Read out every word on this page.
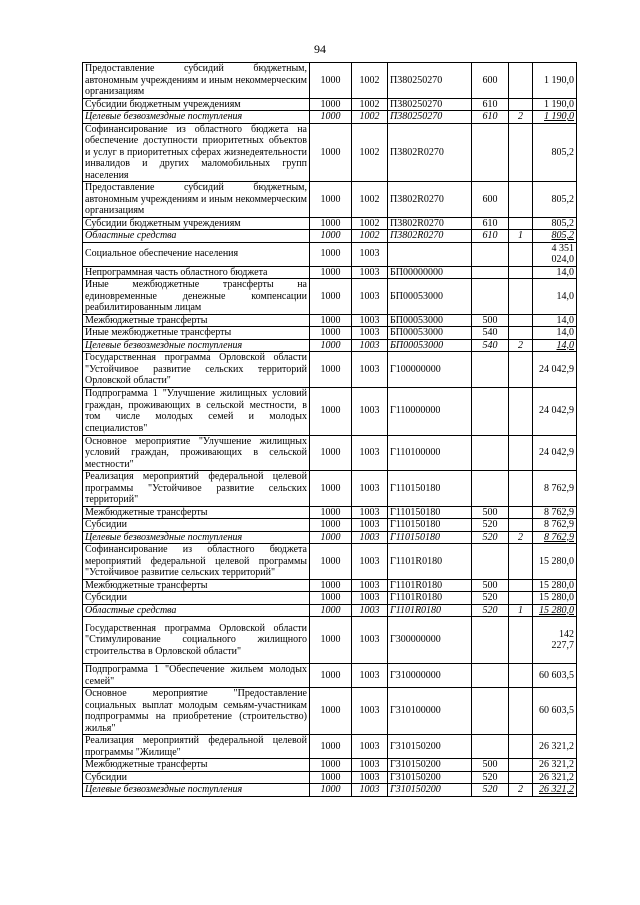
94
Предоставление субсидий бюджетным, автономным учреждениям и иным некоммерческим организациям	1000	1002	П380250270	600		1 190,0
Субсидии бюджетным учреждениям	1000	1002	П380250270	610		1 190,0
Целевые безвозмездные поступления	1000	1002	П380250270	610	2	1 190,0
Софинансирование из областного бюджета на обеспечение доступности приоритетных объектов и услуг в приоритетных сферах жизнедеятельности инвалидов и других маломобильных групп населения	1000	1002	П3802R0270			805,2
Предоставление субсидий бюджетным, автономным учреждениям и иным некоммерческим организациям	1000	1002	П3802R0270	600		805,2
Субсидии бюджетным учреждениям	1000	1002	П3802R0270	610		805,2
Областные средства	1000	1002	П3802R0270	610	1	805,2
Социальное обеспечение населения	1000	1003				4 351 024,0
Непрограммная часть областного бюджета	1000	1003	БП00000000			14,0
Иные межбюджетные трансферты на единовременные денежные компенсации реабилитированным лицам	1000	1003	БП00053000			14,0
Межбюджетные трансферты	1000	1003	БП00053000	500		14,0
Иные межбюджетные трансферты	1000	1003	БП00053000	540		14,0
Целевые безвозмездные поступления	1000	1003	БП00053000	540	2	14,0
Государственная программа Орловской области "Устойчивое развитие сельских территорий Орловской области"	1000	1003	Г100000000			24 042,9
Подпрограмма 1 "Улучшение жилищных условий граждан, проживающих в сельской местности, в том числе молодых семей и молодых специалистов"	1000	1003	Г110000000			24 042,9
Основное мероприятие "Улучшение жилищных условий граждан, проживающих в сельской местности"	1000	1003	Г110100000			24 042,9
Реализация мероприятий федеральной целевой программы "Устойчивое развитие сельских территорий"	1000	1003	Г110150180			8 762,9
Межбюджетные трансферты	1000	1003	Г110150180	500		8 762,9
Субсидии	1000	1003	Г110150180	520		8 762,9
Целевые безвозмездные поступления	1000	1003	Г110150180	520	2	8 762,9
Софинансирование из областного бюджета мероприятий федеральной целевой программы "Устойчивое развитие сельских территорий"	1000	1003	Г1101R0180			15 280,0
Межбюджетные трансферты	1000	1003	Г1101R0180	500		15 280,0
Субсидии	1000	1003	Г1101R0180	520		15 280,0
Областные средства	1000	1003	Г1101R0180	520	1	15 280,0
Государственная программа Орловской области "Стимулирование социального жилищного строительства в Орловской области"	1000	1003	Г300000000			142 227,7
Подпрограмма 1 "Обеспечение жильем молодых семей"	1000	1003	Г310000000			60 603,5
Основное мероприятие "Предоставление социальных выплат молодым семьям-участникам подпрограммы на приобретение (строительство) жилья"	1000	1003	Г310100000			60 603,5
Реализация мероприятий федеральной целевой программы "Жилище"	1000	1003	Г310150200			26 321,2
Межбюджетные трансферты	1000	1003	Г310150200	500		26 321,2
Субсидии	1000	1003	Г310150200	520		26 321,2
Целевые безвозмездные поступления	1000	1003	Г310150200	520	2	26 321,2
